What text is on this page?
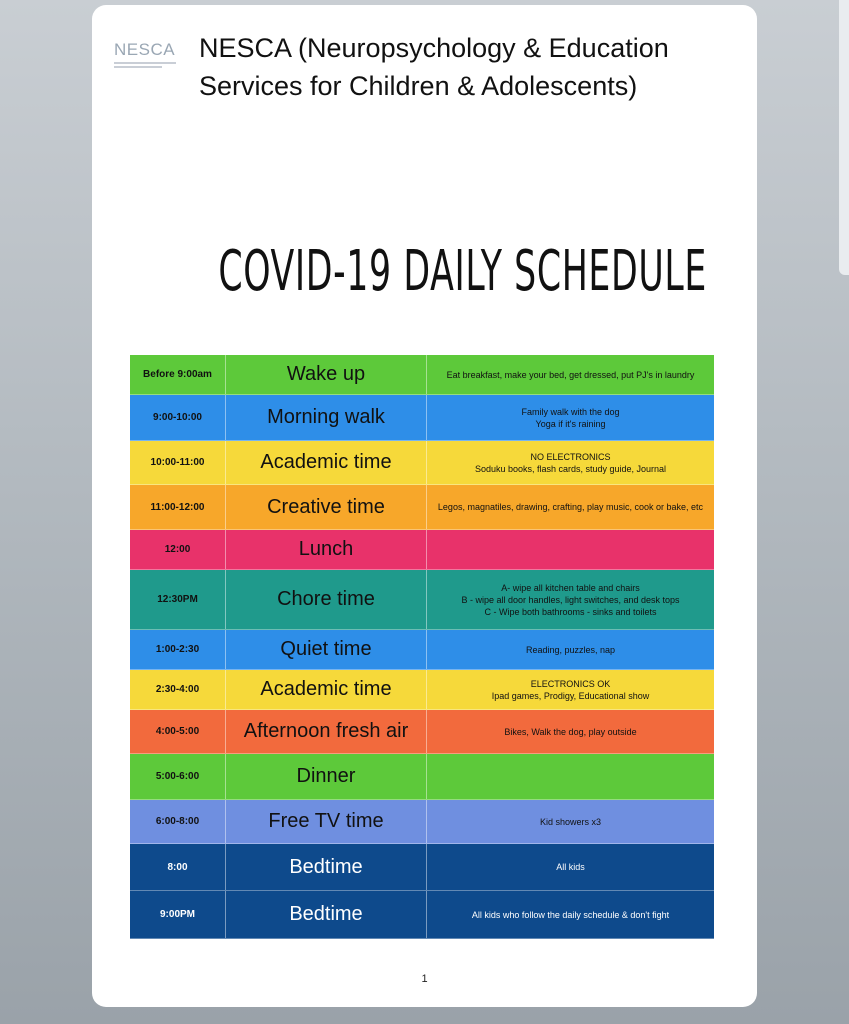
NESCA NESCA (Neuropsychology & Education Services for Children & Adolescents)
COVID-19 DAILY SCHEDULE
Before 9:00am	Wake up	Eat breakfast, make your bed, get dressed, put PJ's in laundry
9:00-10:00	Morning walk	Family walk with the dog
Yoga if it's raining
10:00-11:00	Academic time	NO ELECTRONICS
Soduku books, flash cards, study guide, Journal
11:00-12:00	Creative time	Legos, magnatiles, drawing, crafting, play music, cook or bake, etc
12:00	Lunch
12:30PM	Chore time
A- wipe all kitchen table and chairs
B - wipe all door handles, light switches, and desk tops
C - Wipe both bathrooms - sinks and toilets
1:00-2:30	Quiet time	Reading, puzzles, nap
2:30-4:00	Academic time	ELECTRONICS OK
Ipad games, Prodigy, Educational show
4:00-5:00	Afternoon fresh air	Bikes, Walk the dog, play outside
5:00-6:00	Dinner
6:00-8:00	Free TV time	Kid showers x3
8:00	Bedtime	All kids
9:00PM	Bedtime	All kids who follow the daily schedule & don't fight
1
